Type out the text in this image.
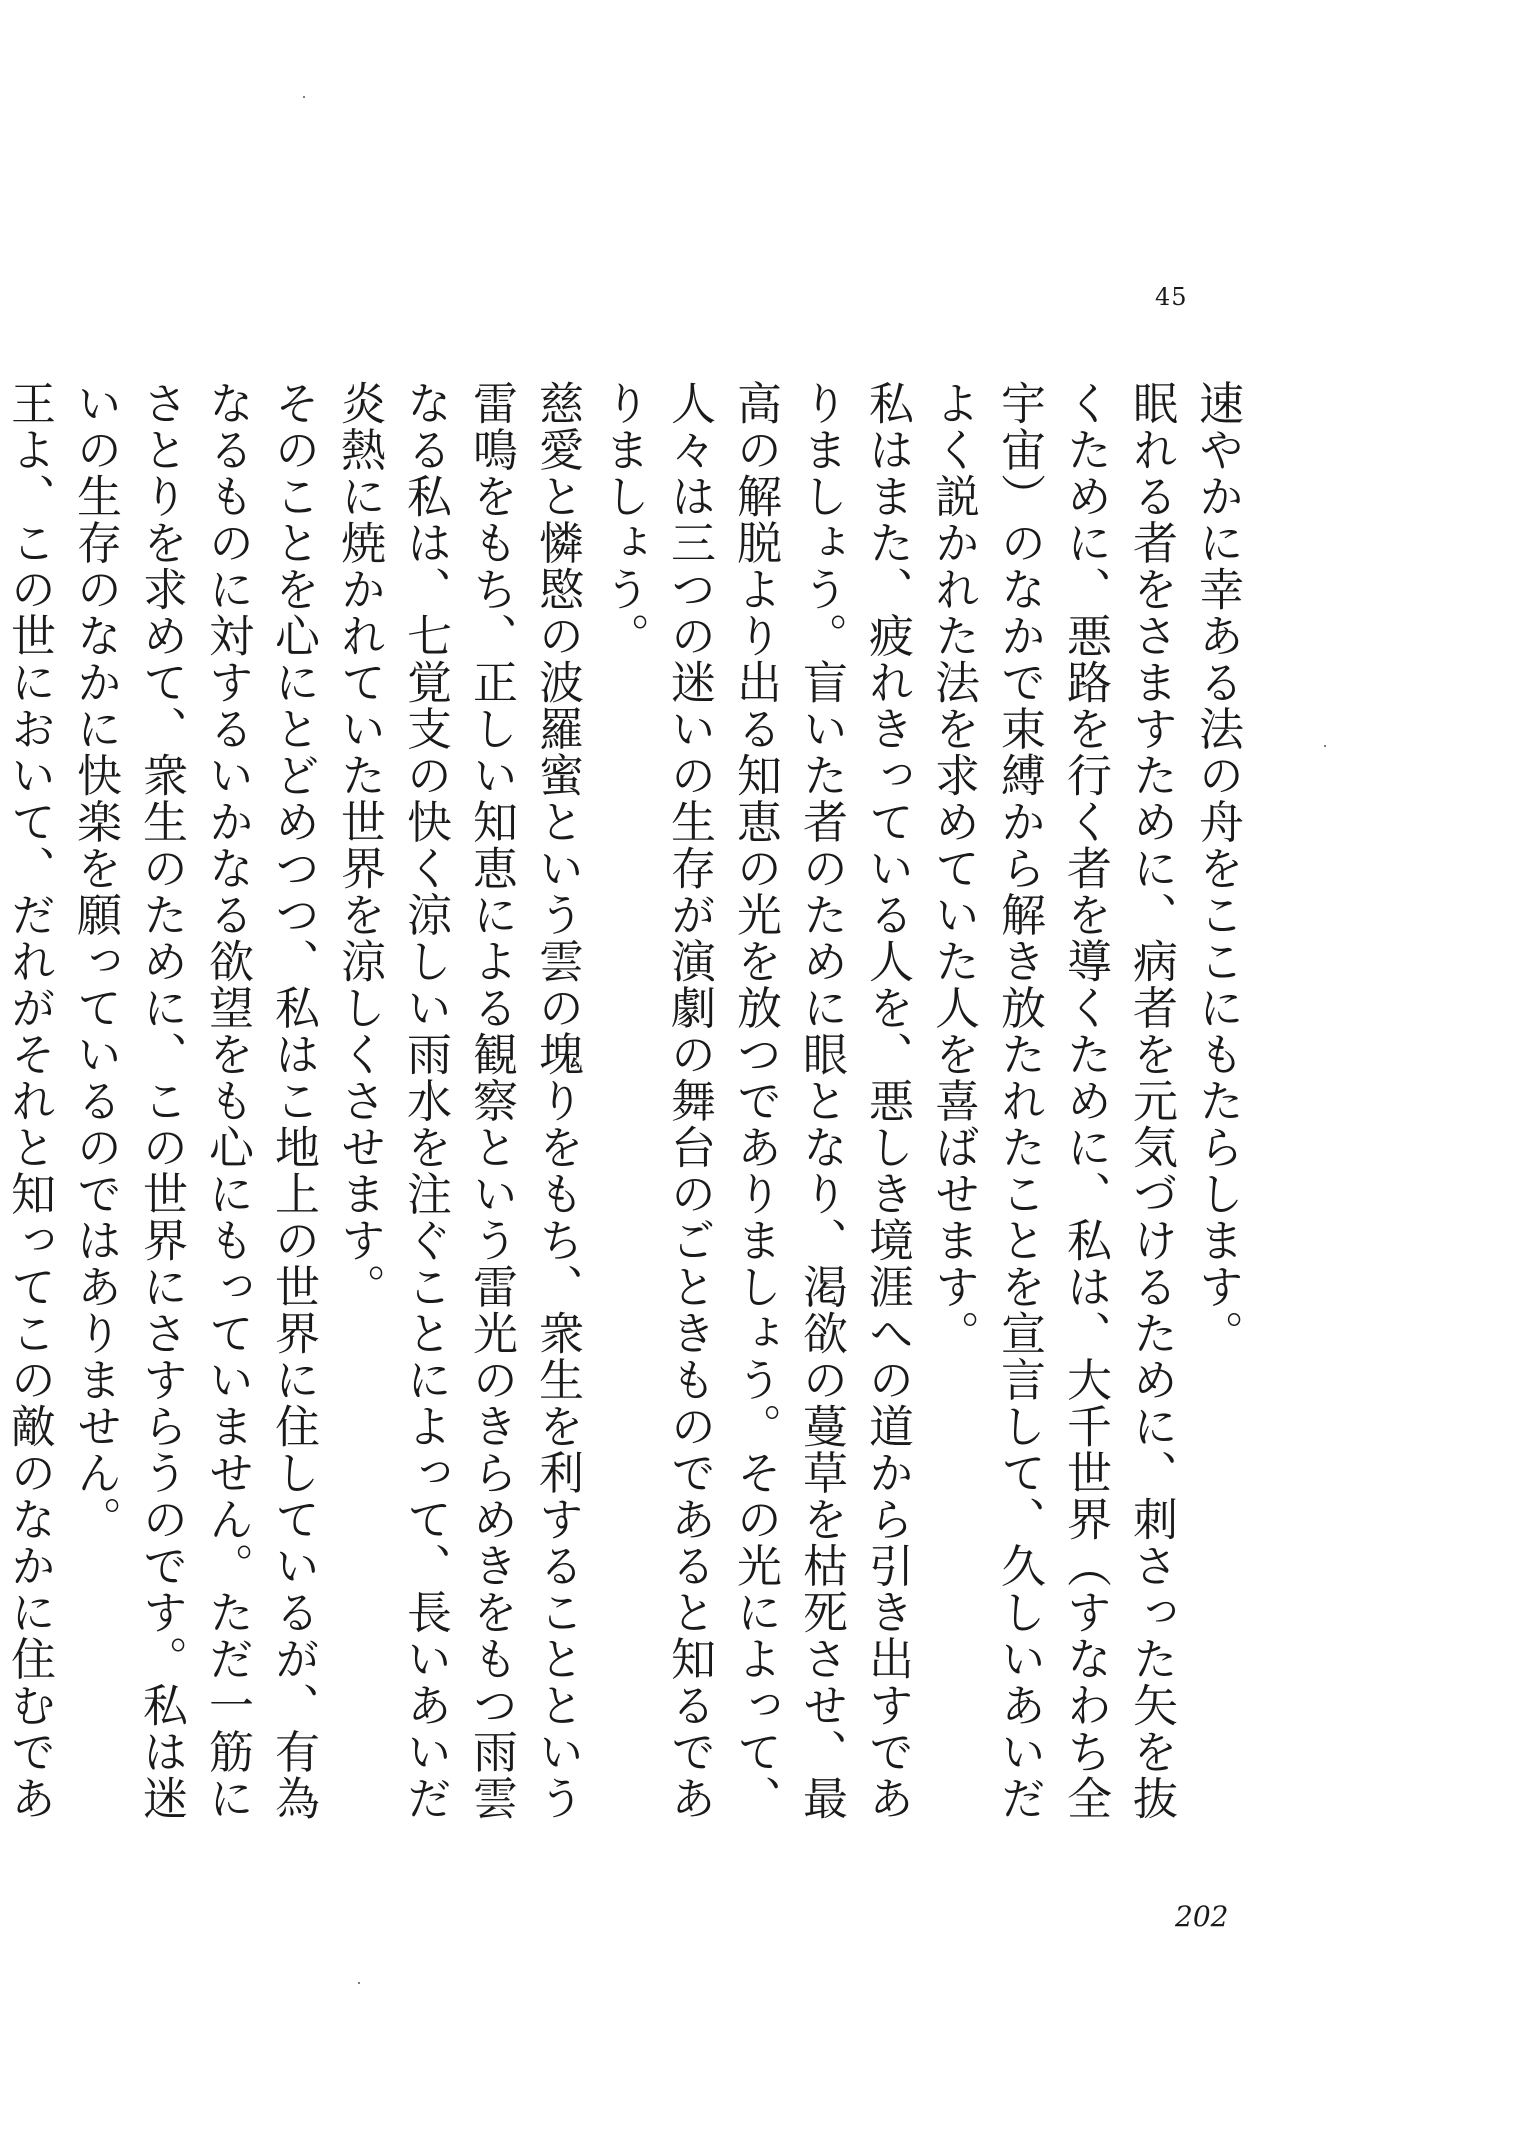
45

速やかに幸ある法の舟をここにもたらします。

眠れる者をさますために、病者を元気づけるために、刺さった矢を抜くために、悪路を行く者を導くために、私は、大千世界（すなわち全宇宙）のなかで束縛から解き放たれたことを宣言して、久しいあいだよく説かれた法を求めていた人を喜ばせます。

私はまた、疲れきっている人を、悪しき境涯への道から引き出すでありましょう。盲いた者のために眼となり、渇欲の蔓草を枯死させ、最高の解脱より出る知恵の光を放つでありましょう。その光によって、人々は三つの迷いの生存が演劇の舞台のごときものであると知るでありましょう。

慈愛と憐愍の波羅蜜という雲の塊りをもち、衆生を利することという雷鳴をもち、正しい知恵による観察という雷光のきらめきをもつ雨雲なる私は、七覚支の快く涼しい雨水を注ぐことによって、長いあいだ炎熱に焼かれていた世界を涼しくさせます。

そのことを心にとどめつつ、私はこ地上の世界に住しているが、有為なるものに対するいかなる欲望をも心にもっていません。ただ一筋にさとりを求めて、衆生のために、この世界にさすらうのです。私は迷いの生存のなかに快楽を願っているのではありません。

王よ、この世において、だれがそれと知ってこの敵のなかに住むであ

202
